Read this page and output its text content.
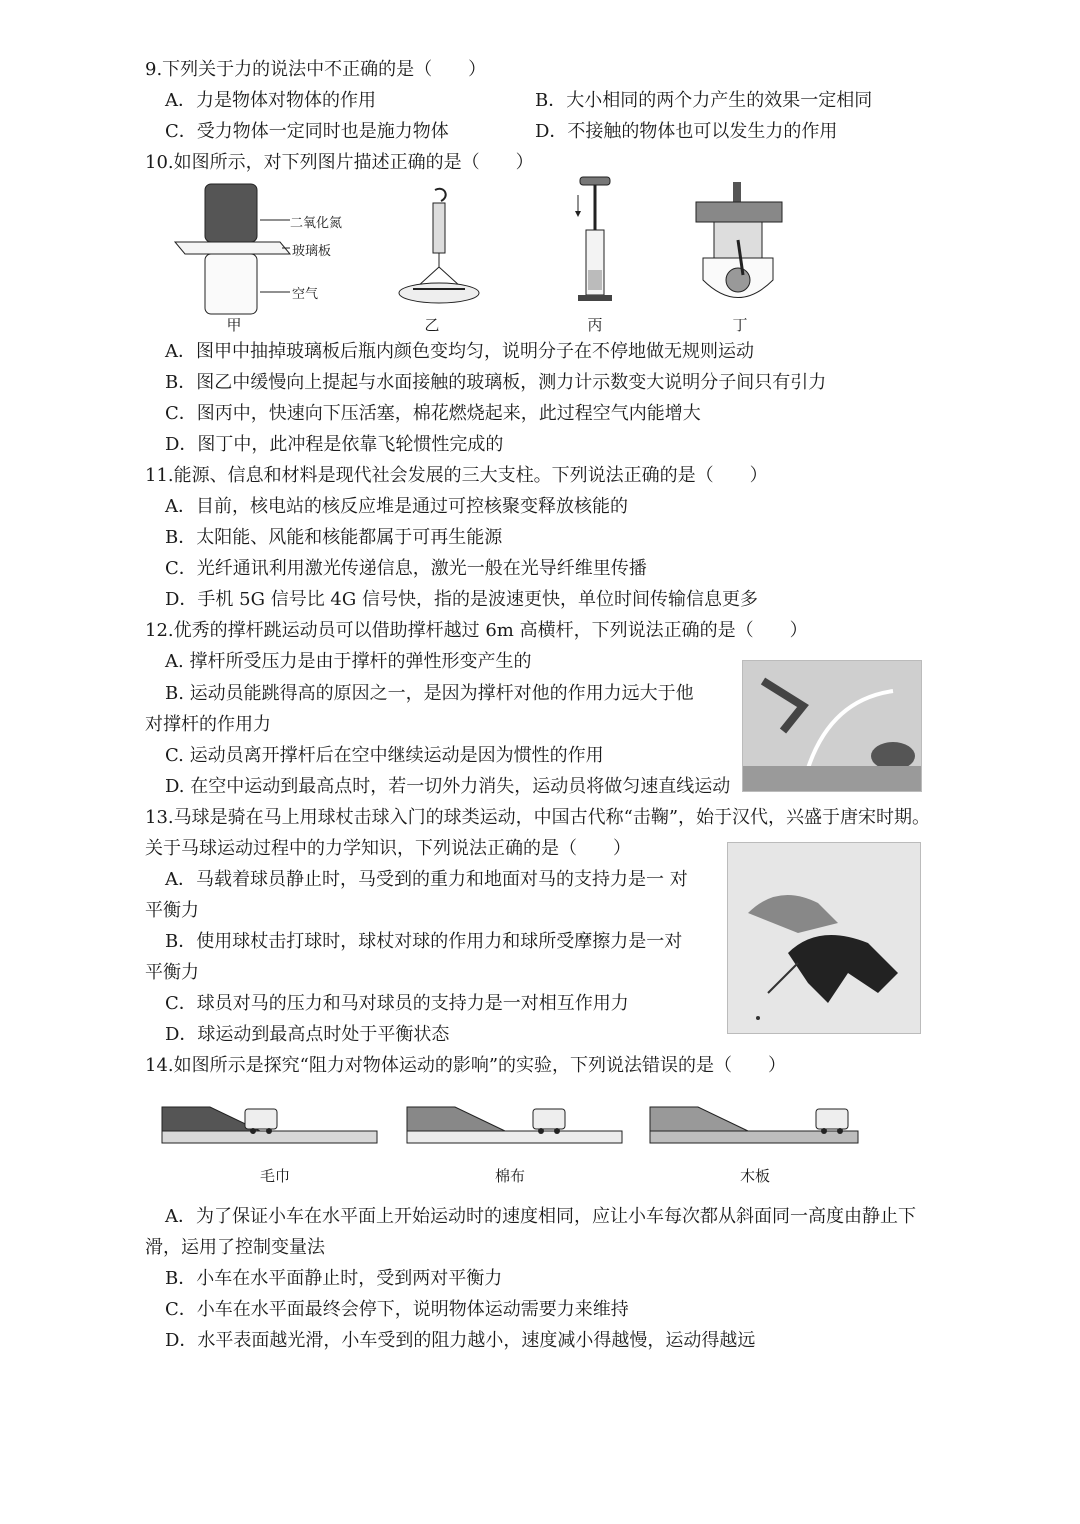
9.下列关于力的说法中不正确的是（　　）
A．力是物体对物体的作用	B．大小相同的两个力产生的效果一定相同
C．受力物体一定同时也是施力物体	D．不接触的物体也可以发生力的作用
10.如图所示，对下列图片描述正确的是（　　）
二氧化氮
玻璃板
空气
甲	乙	丙	丁
A．图甲中抽掉玻璃板后瓶内颜色变均匀，说明分子在不停地做无规则运动
B．图乙中缓慢向上提起与水面接触的玻璃板，测力计示数变大说明分子间只有引力
C．图丙中，快速向下压活塞，棉花燃烧起来，此过程空气内能增大
D．图丁中，此冲程是依靠飞轮惯性完成的
11.能源、信息和材料是现代社会发展的三大支柱。下列说法正确的是（　　）
A．目前，核电站的核反应堆是通过可控核聚变释放核能的
B．太阳能、风能和核能都属于可再生能源
C．光纤通讯利用激光传递信息，激光一般在光导纤维里传播
D．手机 5G 信号比 4G 信号快，指的是波速更快，单位时间传输信息更多
12.优秀的撑杆跳运动员可以借助撑杆越过 6m 高横杆，下列说法正确的是（　　）
A. 撑杆所受压力是由于撑杆的弹性形变产生的
B. 运动员能跳得高的原因之一，是因为撑杆对他的作用力远大于他
对撑杆的作用力
C. 运动员离开撑杆后在空中继续运动是因为惯性的作用
D. 在空中运动到最高点时，若一切外力消失，运动员将做匀速直线运动
13.马球是骑在马上用球杖击球入门的球类运动，中国古代称“击鞠”，始于汉代，兴盛于唐宋时期。
关于马球运动过程中的力学知识，下列说法正确的是（　　）
A．马载着球员静止时，马受到的重力和地面对马的支持力是一 对
平衡力
B．使用球杖击打球时，球杖对球的作用力和球所受摩擦力是一对
平衡力
C．球员对马的压力和马对球员的支持力是一对相互作用力
D．球运动到最高点时处于平衡状态
14.如图所示是探究“阻力对物体运动的影响”的实验，下列说法错误的是（　　）
毛巾	棉布	木板
A．为了保证小车在水平面上开始运动时的速度相同，应让小车每次都从斜面同一高度由静止下
滑，运用了控制变量法
B．小车在水平面静止时，受到两对平衡力
C．小车在水平面最终会停下，说明物体运动需要力来维持
D．水平表面越光滑，小车受到的阻力越小，速度减小得越慢，运动得越远
